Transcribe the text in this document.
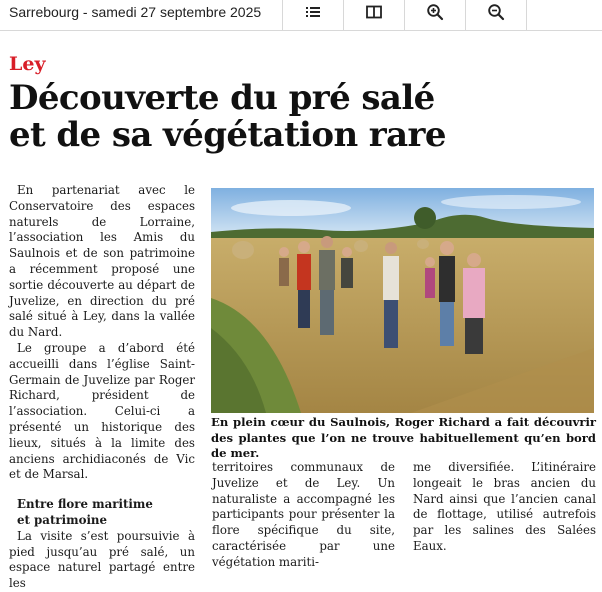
Sarrebourg - samedi 27 septembre 2025
Ley
Découverte du pré salé
et de sa végétation rare

En partenariat avec le Conservatoire des espaces naturels de Lorraine, l’association les Amis du Saulnois et de son patrimoine a récemment proposé une sortie découverte au départ de Juvelize, en direction du pré salé situé à Ley, dans la vallée du Nard.

Le groupe a d’abord été accueilli dans l’église Saint-Germain de Juvelize par Roger Richard, président de l’association. Celui-ci a présenté un historique des lieux, situés à la limite des anciens archidiaconés de Vic et de Marsal.

Entre flore maritime
et patrimoine

La visite s’est poursuivie à pied jusqu’au pré salé, un espace naturel partagé entre les

En plein cœur du Saulnois, Roger Richard a fait découvrir des plantes que l’on ne trouve habituellement qu’en bord de mer.

territoires communaux de Juvelize et de Ley. Un naturaliste a accompagné les participants pour présenter la flore spécifique du site, caractérisée par une végétation mariti-

me diversifiée. L’itinéraire longeait le bras ancien du Nard ainsi que l’ancien canal de flottage, utilisé autrefois par les salines des Salées Eaux.
